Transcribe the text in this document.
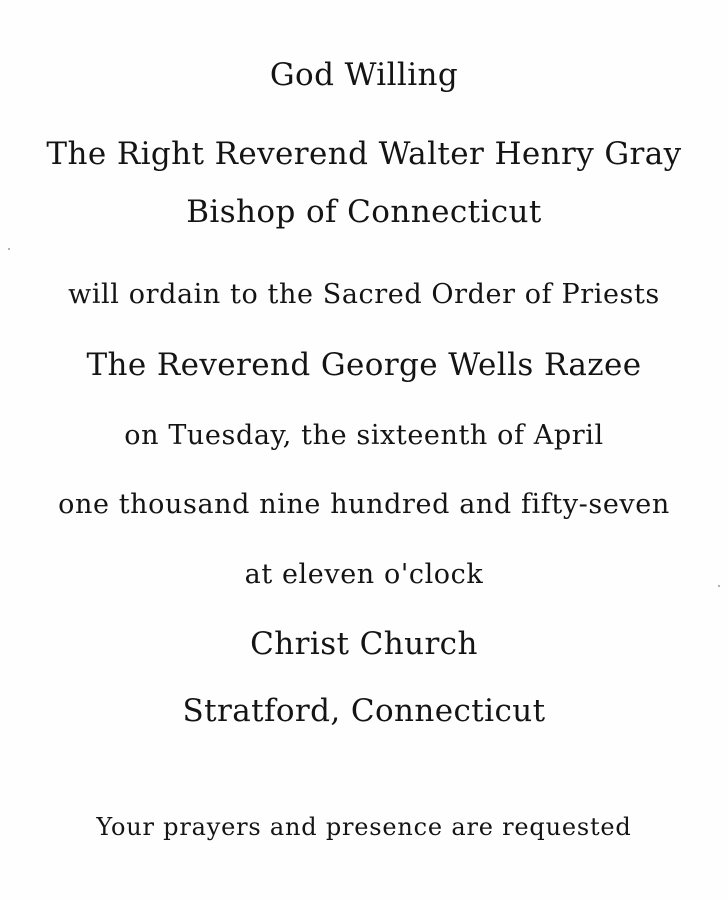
God Willing
The Right Reverend Walter Henry Gray
Bishop of Connecticut
will ordain to the Sacred Order of Priests
The Reverend George Wells Razee
on Tuesday, the sixteenth of April
one thousand nine hundred and fifty-seven
at eleven o'clock
Christ Church
Stratford, Connecticut
Your prayers and presence are requested
